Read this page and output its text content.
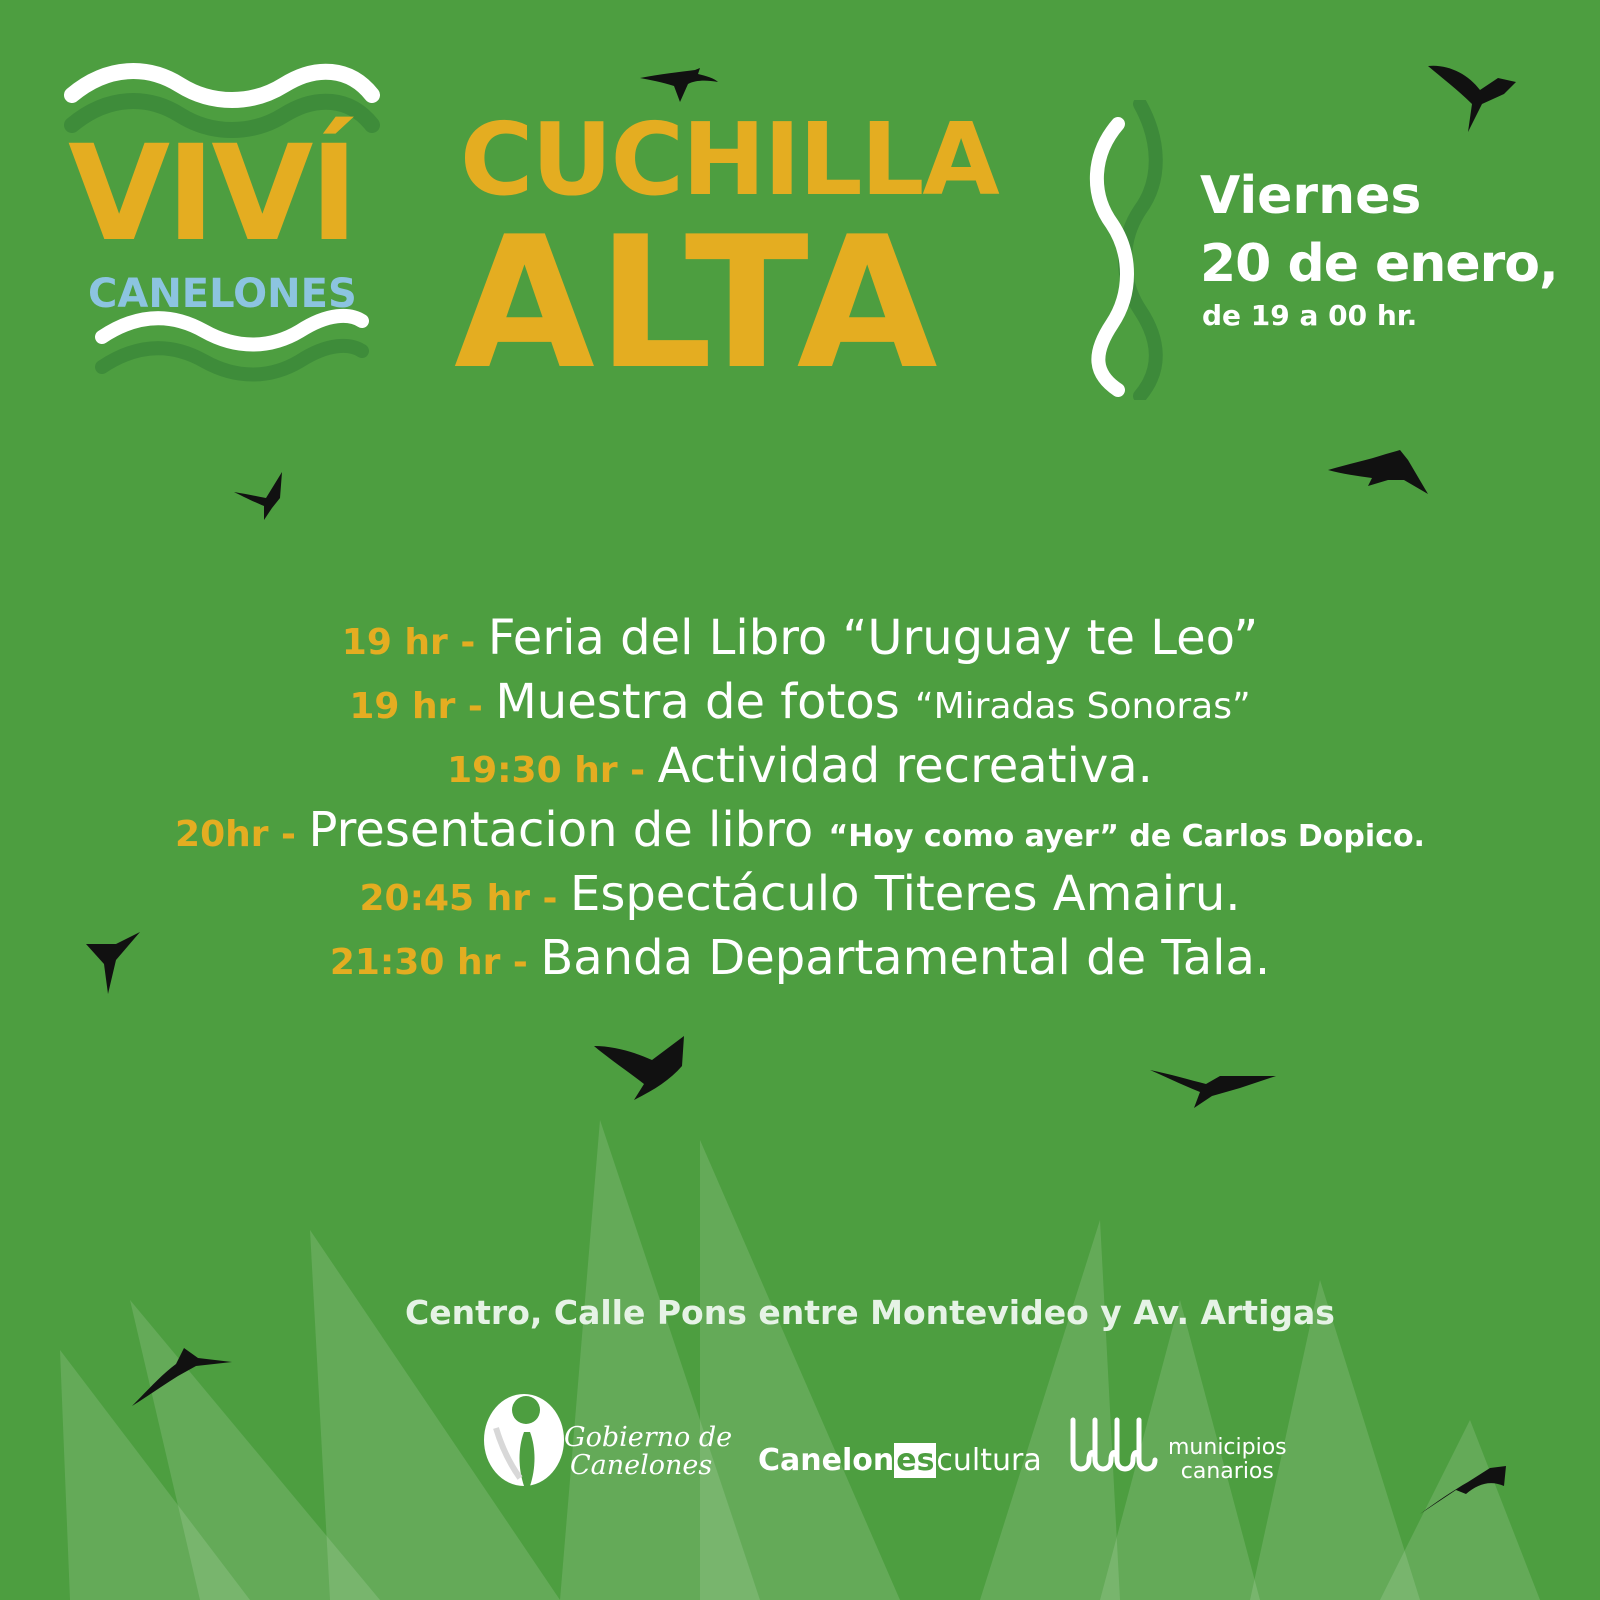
VIVÍ
CANELONES
CUCHILLA
ALTA
Viernes
20 de enero,
de 19 a 00 hr.
19 hr - Feria del Libro “Uruguay te Leo”
19 hr - Muestra de fotos “Miradas Sonoras”
19:30 hr - Actividad recreativa.
20hr - Presentacion de libro “Hoy como ayer” de Carlos Dopico.
20:45 hr - Espectáculo Titeres Amairu.
21:30 hr - Banda Departamental de Tala.
Centro, Calle Pons entre Montevideo y Av. Artigas
Gobierno de
Canelones	Canelonescultura	municipios
canarios
